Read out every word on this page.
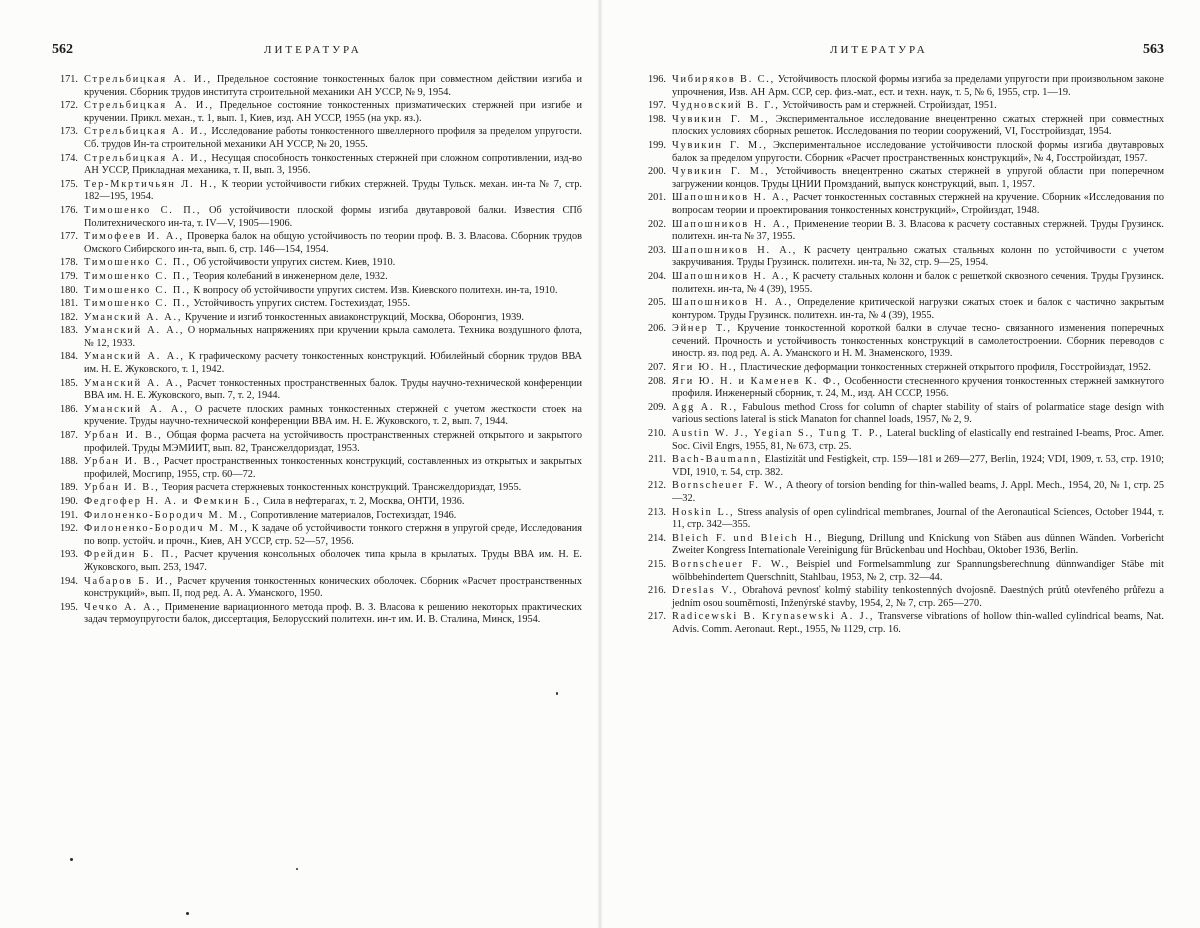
562	ЛИТЕРАТУРА
171. Стрельбицкая А. И., Предельное состояние тонкостенных балок при совместном действии изгиба и кручения. Сборник трудов института строительной механики АН УССР, № 9, 1954.
172. Стрельбицкая А. И., Предельное состояние тонкостенных призматических стержней при изгибе и кручении. Прикл. механ., т. 1, вып. 1, Киев, изд. АН УССР, 1955 (на укр. яз.).
173. Стрельбицкая А. И., Исследование работы тонкостенного швеллерного профиля за пределом упругости. Сб. трудов Ин-та строительной механики АН УССР, № 20, 1955.
174. Стрельбицкая А. И., Несущая способность тонкостенных стержней при сложном сопротивлении, изд-во АН УССР, Прикладная механика, т. II, вып. 3, 1956.
175. Тер-Мкртичьян Л. Н., К теории устойчивости гибких стержней. Труды Тульск. механ. ин-та № 7, стр. 182—195, 1954.
176. Тимошенко С. П., Об устойчивости плоской формы изгиба двутавровой балки. Известия СПб Политехнического ин-та, т. IV—V, 1905—1906.
177. Тимофеев И. А., Проверка балок на общую устойчивость по теории проф. В. З. Власова. Сборник трудов Омского Сибирского ин-та, вып. 6, стр. 146—154, 1954.
178. Тимошенко С. П., Об устойчивости упругих систем. Киев, 1910.
179. Тимошенко С. П., Теория колебаний в инженерном деле, 1932.
180. Тимошенко С. П., К вопросу об устойчивости упругих систем. Изв. Киевского политехн. ин-та, 1910.
181. Тимошенко С. П., Устойчивость упругих систем. Гостехиздат, 1955.
182. Уманский А. А., Кручение и изгиб тонкостенных авиаконструкций, Москва, Оборонгиз, 1939.
183. Уманский А. А., О нормальных напряжениях при кручении крыла самолета. Техника воздушного флота, № 12, 1933.
184. Уманский А. А., К графическому расчету тонкостенных конструкций. Юбилейный сборник трудов ВВА им. Н. Е. Жуковского, т. 1, 1942.
185. Уманский А. А., Расчет тонкостенных пространственных балок. Труды научно-технической конференции ВВА им. Н. Е. Жуковского, вып. 7, т. 2, 1944.
186. Уманский А. А., О расчете плоских рамных тонкостенных стержней с учетом жесткости стоек на кручение. Труды научно-технической конференции ВВА им. Н. Е. Жуковского, т. 2, вып. 7, 1944.
187. Урбан И. В., Общая форма расчета на устойчивость пространственных стержней открытого и закрытого профилей. Труды МЭМИИТ, вып. 82, Трансжелдориздат, 1953.
188. Урбан И. В., Расчет пространственных тонкостенных конструкций, составленных из открытых и закрытых профилей, Мосгипр, 1955, стр. 60—72.
189. Урбан И. В., Теория расчета стержневых тонкостенных конструкций. Трансжелдориздат, 1955.
190. Федгофер Н. А. и Фемкин Б., Сила в нефтерагах, т. 2, Москва, ОНТИ, 1936.
191. Филоненко-Бородич М. М., Сопротивление материалов, Гостехиздат, 1946.
192. Филоненко-Бородич М. М., К задаче об устойчивости тонкого стержня в упругой среде, Исследования по вопр. устойч. и прочн., Киев, АН УССР, стр. 52—57, 1956.
193. Фрейдин Б. П., Расчет кручения консольных оболочек типа крыла в крылатых. Труды ВВА им. Н. Е. Жуковского, вып. 253, 1947.
194. Чабаров Б. И., Расчет кручения тонкостенных конических оболочек. Сборник «Расчет пространственных конструкций», вып. II, под ред. А. А. Уманского, 1950.
195. Чечко А. А., Применение вариационного метода проф. В. З. Власова к решению некоторых практических задач термоупругости балок, диссертация, Белорусский политехн. ин-т им. И. В. Сталина, Минск, 1954.
ЛИТЕРАТУРА	563
196. Чибиряков В. С., Устойчивость плоской формы изгиба за пределами упругости при произвольном законе упрочнения, Изв. АН Арм. ССР, сер. физ.-мат., ест. и техн. наук, т. 5, № 6, 1955, стр. 1—19.
197. Чудновский В. Г., Устойчивость рам и стержней. Стройиздат, 1951.
198. Чувикин Г. М., Экспериментальное исследование внецентренно сжатых стержней при совместных плоских условиях сборных решеток. Исследования по теории сооружений, VI, Госстройиздат, 1954.
199. Чувикин Г. М., Экспериментальное исследование устойчивости плоской формы изгиба двутавровых балок за пределом упругости. Сборник «Расчет пространственных конструкций», № 4, Госстройиздат, 1957.
200. Чувикин Г. М., Устойчивость внецентренно сжатых стержней в упругой области при поперечном загружении концов. Труды ЦНИИ Промзданий, выпуск конструкций, вып. 1, 1957.
201. Шапошников Н. А., Расчет тонкостенных составных стержней на кручение. Сборник «Исследования по вопросам теории и проектирования тонкостенных конструкций», Стройиздат, 1948.
202. Шапошников Н. А., Применение теории В. З. Власова к расчету составных стержней. Труды Грузинск. политехн. ин-та № 37, 1955.
203. Шапошников Н. А., К расчету центрально сжатых стальных колонн по устойчивости с учетом закручивания. Труды Грузинск. политехн. ин-та, № 32, стр. 9—25, 1954.
204. Шапошников Н. А., К расчету стальных колонн и балок с решеткой сквозного сечения. Труды Грузинск. политехн. ин-та, № 4 (39), 1955.
205. Шапошников Н. А., Определение критической нагрузки сжатых стоек и балок с частично закрытым контуром. Труды Грузинск. политехн. ин-та, № 4 (39), 1955.
206. Эйнер Т., Кручение тонкостенной короткой балки в случае тесно- связанного изменения поперечных сечений. Прочность и устойчивость тонкостенных конструкций в самолетостроении. Сборник переводов с иностр. яз. под ред. А. А. Уманского и Н. М. Знаменского, 1939.
207. Яги Ю. Н., Пластические деформации тонкостенных стержней открытого профиля, Госстройиздат, 1952.
208. Яги Ю. Н. и Каменев К. Ф., Особенности стесненного кручения тонкостенных стержней замкнутого профиля. Инженерный сборник, т. 24, М., изд. АН СССР, 1956.
209. Agg A. R., Fabulous method Cross for column of chapter stability of stairs of polarmatice stage design with various sections lateral is stick Manaton for channel loads, 1957, № 2, 9.
210. Austin W. J., Yegian S., Tung T. P., Lateral buckling of elastically end restrained I-beams, Proc. Amer. Soc. Civil Engrs, 1955, 81, № 673, стр. 25.
211. Bach-Baumann, Elastizität und Festigkeit, стр. 159—181 и 269—277, Berlin, 1924; VDI, 1909, т. 53, стр. 1910; VDI, 1910, т. 54, стр. 382.
212. Bornscheuer F. W., A theory of torsion bending for thin-walled beams, J. Appl. Mech., 1954, 20, № 1, стр. 25—32.
213. Hoskin L., Stress analysis of open cylindrical membranes, Journal of the Aeronautical Sciences, October 1944, т. 11, стр. 342—355.
214. Bleich F. und Bleich H., Biegung, Drillung und Knickung von Stäben aus dünnen Wänden. Vorbericht Zweiter Kongress Internationale Vereinigung für Brückenbau und Hochbau, Oktober 1936, Berlin.
215. Bornscheuer F. W., Beispiel und Formelsammlung zur Spannungsberechnung dünnwandiger Stäbe mit wölbbehindertem Querschnitt, Stahlbau, 1953, № 2, стр. 32—44.
216. Dreslas V., Obrahová pevnosť kolmý stability tenkostenných dvojosně. Daestných prútů otevřeného průřezu a jedním osou souměrnosti, Inženýrské stavby, 1954, 2, № 7, стр. 265—270.
217. Radicewski B. Krynasewski A. J., Transverse vibrations of hollow thin-walled cylindrical beams, Nat. Advis. Comm. Aeronaut. Rept., 1955, № 1129, стр. 16.
